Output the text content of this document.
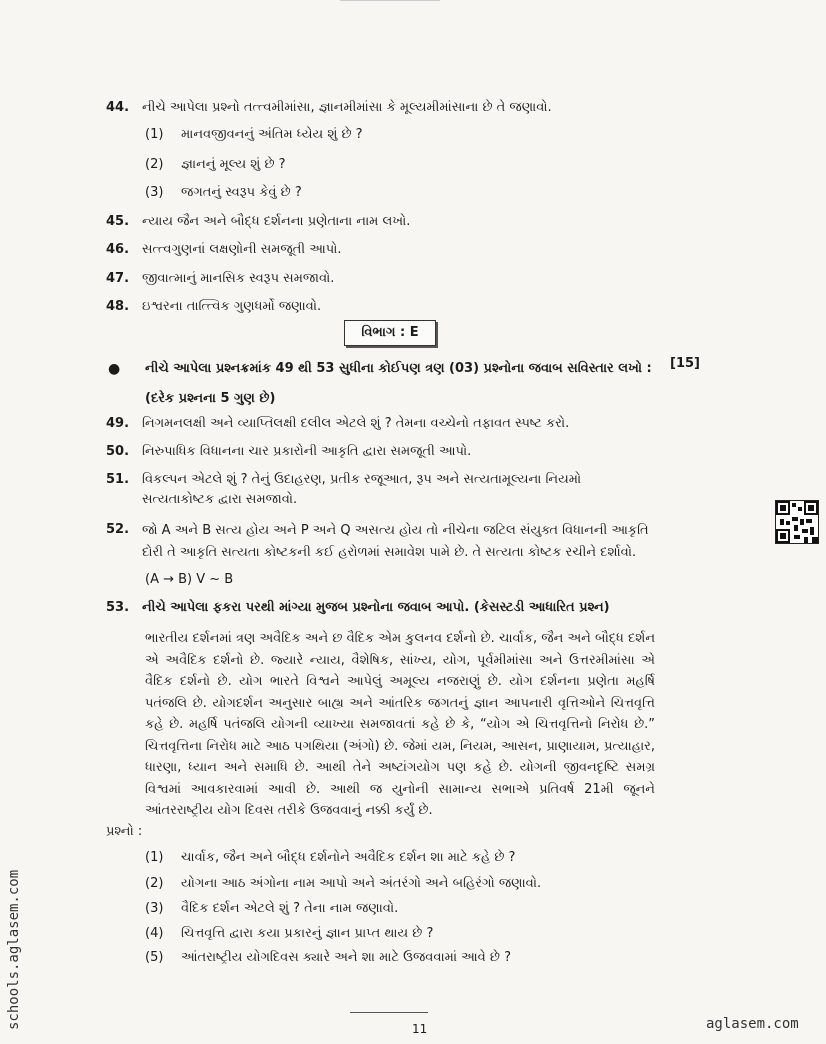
44. નીચે આપેલા પ્રશ્નો તત્ત્વમીમાંસા, જ્ઞાનમીમાંસા કે મૂલ્યમીમાંસાના છે તે જણાવો.
(1) માનવજીવનનું અંતિમ ધ્યેય શું છે ?
(2) જ્ઞાનનું મૂલ્ય શું છે ?
(3) જગતનું સ્વરૂપ કેવું છે ?
45. ન્યાય જૈન અને બૌદ્ધ દર્શનના પ્રણેતાના નામ લખો.
46. સત્ત્વગુણનાં લક્ષણોની સમજૂતી આપો.
47. જીવાત્માનું માનસિક સ્વરૂપ સમજાવો.
48. ઇશ્વરના તાત્ત્વિક ગુણધર્મો જણાવો.
વિભાગ : E
● નીચે આપેલા પ્રશ્નક્રમાંક 49 થી 53 સુધીના કોઈપણ ત્રણ (03) પ્રશ્નોના જવાબ સવિસ્તાર લખો : (દરેક પ્રશ્નના 5 ગુણ છે)
[15]
49. નિગમનલક્ષી અને વ્યાપ્તિલક્ષી દલીલ એટલે શું ? તેમના વચ્ચેનો તફાવત સ્પષ્ટ કરો.
50. નિરુપાધિક વિધાનના ચાર પ્રકારોની આકૃતિ દ્વારા સમજૂતી આપો.
51. વિકલ્પન એટલે શું ? તેનું ઉદાહરણ, પ્રતીક રજૂઆત, રૂપ અને સત્યતામૂલ્યના નિયમો સત્યતાકોષ્ટક દ્વારા સમજાવો.
52. જો A અને B સત્ય હોય અને P અને Q અસત્ય હોય તો નીચેના જટિલ સંયુક્ત વિધાનની આકૃતિ દોરી તે આકૃતિ સત્યતા કોષ્ટકની કઈ હરોળમાં સમાવેશ પામે છે. તે સત્યતા કોષ્ટક રચીને દર્શાવો.
(A → B) V ~ B
53. નીચે આપેલા ફકરા પરથી માંગ્યા મુજબ પ્રશ્નોના જવાબ આપો. (કેસસ્ટડી આધારિત પ્રશ્ન)
ભારતીય દર્શનમાં ત્રણ અવૈદિક અને છ વૈદિક એમ કુલનવ દર્શનો છે. ચાર્વાક, જૈન અને બૌદ્ધ દર્શન એ અવૈદિક દર્શનો છે. જ્યારે ન્યાય, વૈશેષિક, સાંખ્ય, યોગ, પૂર્વમીમાંસા અને ઉત્તરમીમાંસા એ વૈદિક દર્શનો છે. યોગ ભારતે વિશ્વને આપેલું અમૂલ્ય નજરાણું છે. યોગ દર્શનના પ્રણેતા મહર્ષિ પતંજલિ છે. યોગદર્શન અનુસાર બાહ્ય અને આંતરિક જગતનું જ્ઞાન આપનારી વૃત્તિઓને ચિત્તવૃત્તિ કહે છે. મહર્ષિ પતંજલિ યોગની વ્યાખ્યા સમજાવતાં કહે છે કે, “યોગ એ ચિત્તવૃત્તિનો નિરોધ છે.” ચિત્તવૃત્તિના નિરોધ માટે આઠ પગથિયા (અંગો) છે. જેમાં યમ, નિયમ, આસન, પ્રાણાયામ, પ્રત્યાહાર, ધારણા, ધ્યાન અને સમાધિ છે. આથી તેને અષ્ટાંગયોગ પણ કહે છે. યોગની જીવનદૃષ્ટિ સમગ્ર વિશ્વમાં આવકારવામાં આવી છે. આથી જ યુનોની સામાન્ય સભાએ પ્રતિવર્ષ 21મી જૂનને આંતરરાષ્ટ્રીય યોગ દિવસ તરીકે ઉજવવાનું નક્કી કર્યું છે.
પ્રશ્નો :
(1) ચાર્વાક, જૈન અને બૌદ્ધ દર્શનોને અવૈદિક દર્શન શા માટે કહે છે ?
(2) યોગના આઠ અંગોના નામ આપો અને અંતરંગો અને બહિરંગો જણાવો.
(3) વૈદિક દર્શન એટલે શું ? તેના નામ જણાવો.
(4) ચિત્તવૃત્તિ દ્વારા કયા પ્રકારનું જ્ઞાન પ્રાપ્ત થાય છે ?
(5) આંતરાષ્ટ્રીય યોગદિવસ ક્યારે અને શા માટે ઉજવવામાં આવે છે ?
11
schools.aglasem.com	aglasem.com
